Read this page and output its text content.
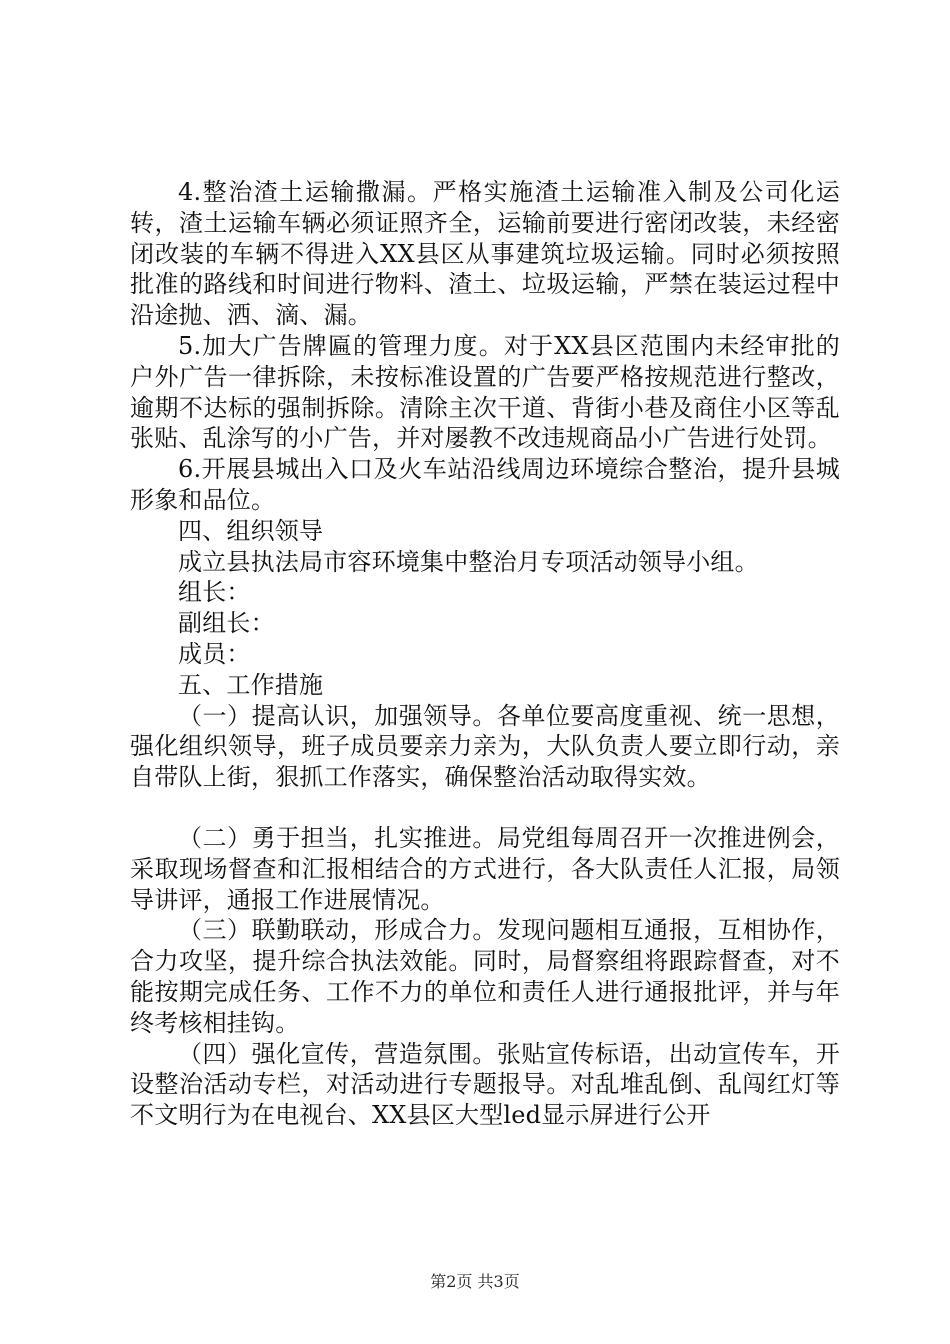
4.整治渣土运输撒漏。严格实施渣土运输准入制及公司化运转，渣土运输车辆必须证照齐全，运输前要进行密闭改装，未经密闭改装的车辆不得进入XX县区从事建筑垃圾运输。同时必须按照批准的路线和时间进行物料、渣土、垃圾运输，严禁在装运过程中沿途抛、洒、滴、漏。

5.加大广告牌匾的管理力度。对于XX县区范围内未经审批的户外广告一律拆除，未按标准设置的广告要严格按规范进行整改，逾期不达标的强制拆除。清除主次干道、背街小巷及商住小区等乱张贴、乱涂写的小广告，并对屡教不改违规商品小广告进行处罚。

6.开展县城出入口及火车站沿线周边环境综合整治，提升县城形象和品位。

四、组织领导

成立县执法局市容环境集中整治月专项活动领导小组。

组长：

副组长：

成员：

五、工作措施

（一）提高认识，加强领导。各单位要高度重视、统一思想，强化组织领导，班子成员要亲力亲为，大队负责人要立即行动，亲自带队上街，狠抓工作落实，确保整治活动取得实效。

（二）勇于担当，扎实推进。局党组每周召开一次推进例会，采取现场督查和汇报相结合的方式进行，各大队责任人汇报，局领导讲评，通报工作进展情况。

（三）联勤联动，形成合力。发现问题相互通报，互相协作，合力攻坚，提升综合执法效能。同时，局督察组将跟踪督查，对不能按期完成任务、工作不力的单位和责任人进行通报批评，并与年终考核相挂钩。

（四）强化宣传，营造氛围。张贴宣传标语，出动宣传车，开设整治活动专栏，对活动进行专题报导。对乱堆乱倒、乱闯红灯等不文明行为在电视台、XX县区大型led显示屏进行公开

第2页 共3页
